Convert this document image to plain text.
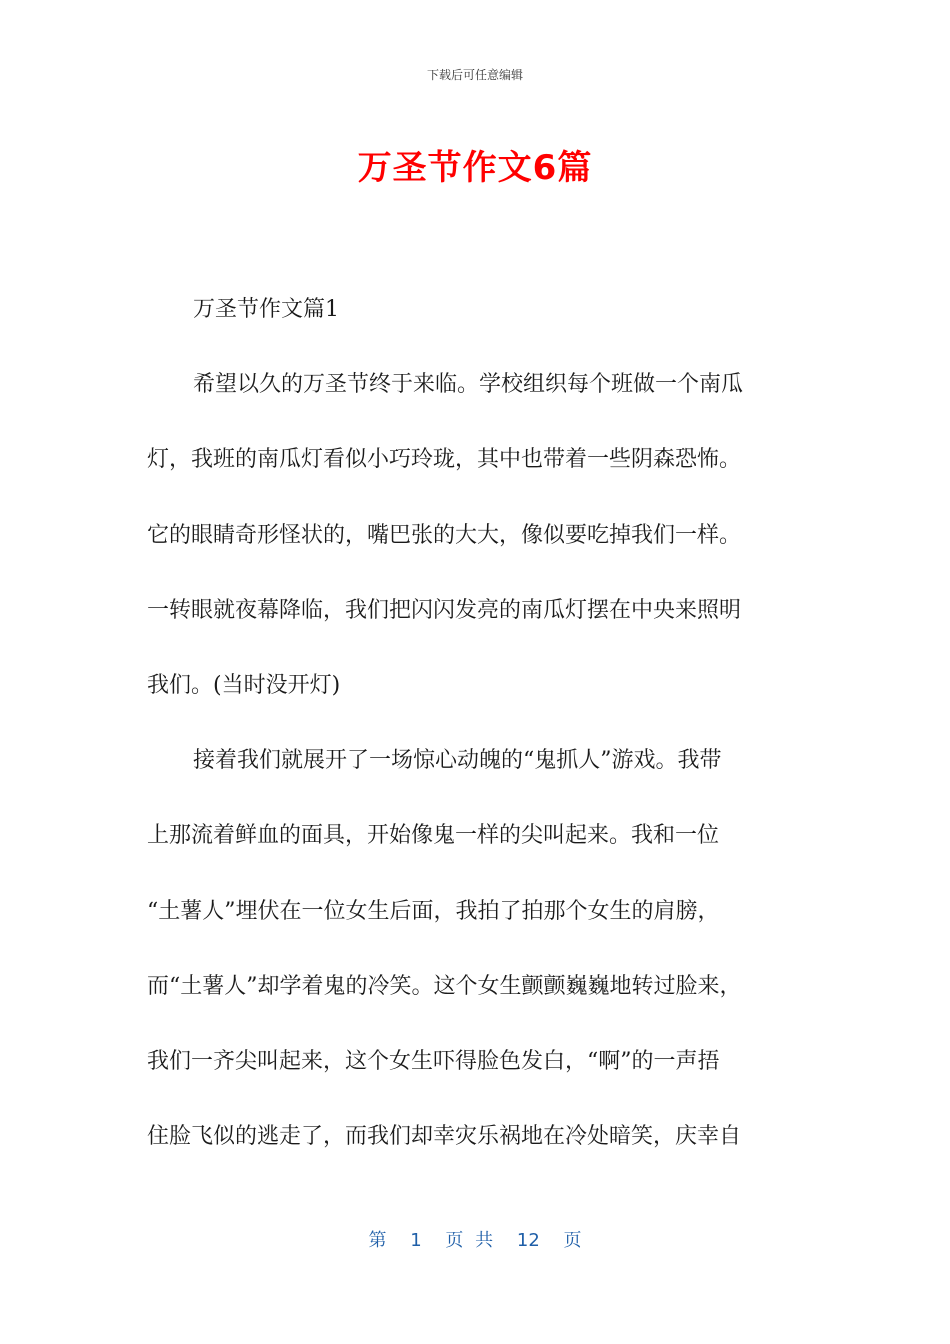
下载后可任意编辑
万圣节作文6篇
万圣节作文篇1
希望以久的万圣节终于来临。学校组织每个班做一个南瓜
灯，我班的南瓜灯看似小巧玲珑，其中也带着一些阴森恐怖。
它的眼睛奇形怪状的，嘴巴张的大大，像似要吃掉我们一样。
一转眼就夜幕降临，我们把闪闪发亮的南瓜灯摆在中央来照明
我们。(当时没开灯)
接着我们就展开了一场惊心动魄的“鬼抓人”游戏。我带
上那流着鲜血的面具，开始像鬼一样的尖叫起来。我和一位
“土薯人”埋伏在一位女生后面，我拍了拍那个女生的肩膀，
而“土薯人”却学着鬼的冷笑。这个女生颤颤巍巍地转过脸来，
我们一齐尖叫起来，这个女生吓得脸色发白，“啊”的一声捂
住脸飞似的逃走了，而我们却幸灾乐祸地在冷处暗笑，庆幸自
第 1 页 共 12 页
